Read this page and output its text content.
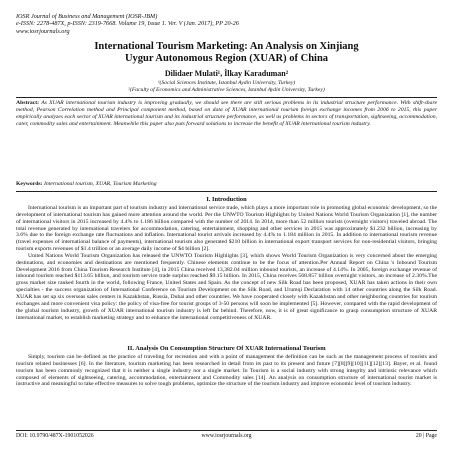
IOSR Journal of Business and Management (IOSR-JBM)
e-ISSN: 2278-487X, p-ISSN: 2319-7668. Volume 19, Issue 1. Ver. V (Jan. 2017), PP 20-26
www.iosrjournals.org
International Tourism Marketing: An Analysis on Xinjiang
Uygur Autonomous Region (XUAR) of China
Dilidaer Mulati¹, İlkay Karaduman²
¹(Social Sciences Institute, Istanbul Aydin University, Turkey)
²(Faculty of Economics and Administrative Sciences, Istanbul Aydin University, Turkey)
Abstract: As XUAR international tourism industry is improving gradually, we should see there are still serious problems in its industrial structure performance. With shift-share method, Pearson Correlation method and Principal component method, based on data of XUAR international tourism foreign exchange incomes from 2006 to 2015, this paper empirically analyzes each sector of XUAR international tourism and its industrial structure performance, as well as problems in sectors of transportation, sightseeing, accommodation, cater, commodity sales and entertainment. Meanwhile this paper also puts forward solutions to increase the benefit of XUAR international tourism industry.
Keywords: International tourism, XUAR, Tourism Marketing
I. Introduction

International tourism is an important part of tourism industry and international service trade, which plays a more important role in promoting global economic development, so the development of international tourism has gained more attention around the world. Per the UNWTO Tourism Highlights by United Nations World Tourism Organization [1], the number of international visitors in 2015 increased by 4.4% to 1.186 billion compared with the number of 2014. In 2014, more than 52 million tourists (overnight visitors) traveled abroad. The total revenue generated by international travelers for accommodation, catering, entertainment, shopping and other services in 2015 was approximately $1.232 billion, increasing by 3.6% due to the foreign exchange rate fluctuations and inflation. International tourist arrivals increased by 4.4% to 1.184 million in 2015. In addition to international tourism revenue (travel expenses of international balance of payments), international tourism also generated $210 billion in international export transport services for non-residential visitors, bringing tourism exports revenues of $1.4 trillion or an average daily income of $4 billion [2].

United Nations World Tourism Organization has released the UNWTO Tourism Highlights [3], which shows World Tourism Organization is very concerned about the emerging destinations, and economies and destinations are mentioned frequently. Chinese elements continue to be the focus of attention.Per Annual Report on China 's Inbound Tourism Development 2016 from China Tourism Research Institute [4], in 2015 China received 13,382.04 million inbound tourists, an increase of 4.14%. In 2005, foreign exchange revenue of inbound tourism reached $113.65 billion, and tourism service trade surplus reached $9.15 billion. In 2015, China receives 568.857 billion overnight visitors, an increase of 2.30%.The gross market size ranked fourth in the world, following France, United States and Spain. As the concept of new Silk Road has been proposed, XUAR has taken actions in their own specialties - the success organization of International Conference on Tourism Development on the Silk Road, and Urumqi Declaration with 14 other countries along the Silk Road. XUAR has set up six overseas sales centers in Kazakhstan, Russia, Dubai and other countries. We have cooperated closely with Kazakhstan and other neighboring countries for tourism exchanges and more convenient visa policy: the policy of visa-free for tourist groups of 3-50 persons will soon be implemented [5]. However, compared with the rapid development of the global tourism industry, growth of XUAR international tourism industry is left far behind. Therefore, now, it is of great significance to grasp consumption structure of XUAR international market, to establish marketing strategy and to enhance the international competitiveness of XUAR.

II. Analysis On Consumption Structure Of XUAR International Tourism

Simply, tourism can be defined as the practice of traveling for recreation and with a point of management the definition can be such as the management process of tourists and tourism related businesses [6]. In the literature, tourism marketing has been researched in detail from its past to its present and future [7][8][9][10][11][12][13]. Bayer, et al. found tourism has been commonly recognized that it is neither a single industry nor a single market. In Tourism is a social industry with strong integrity and intrinsic relevance which composed of elements of sightseeing, catering, accommodation, entertainment and Commodity sales [14]. An analysis on consumption structure of international tourist market is instructive and meaningful to take effective measures to solve tough problems, optimize the structure of the tourism industry and improve economic level of tourism industry.

DOI: 10.9790/487X-1901052026	www.iosrjournals.org	20 | Page
